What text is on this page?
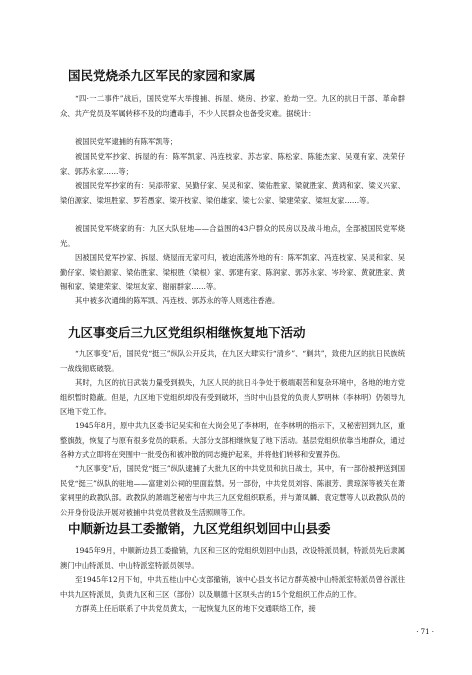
国民党烧杀九区军民的家园和家属

“四·一二事件”战后，国民党军大举搜捕、拆屋、烧房、抄家、抢劫一空。九区的抗日干部、革命群众、共产党员及军属转移不及的均遭毒手，不少人民群众也备受灾难。据统计：

被国民党军逮捕的有陈军凯等；

被国民党军抄家、拆屋的有：陈军凯家、冯连枝家、苏志家、陈松家、陈能杰家、吴观有家、冼荣仔家、郭苏永家……等；

被国民党军抄家的有：吴添带家、吴勤仔家、吴灵和家、梁佑胜家、梁就胜家、黄鸿和家、梁义兴家、梁伯源家、梁坦胜家、罗若愚家、梁开枝家、梁伯雄家、梁七公家、梁建荣家、梁垣友家……等。

被国民党军烧家的有：九区大队驻地——合益围的43户群众的民房以及战斗地点，全部被国民党军烧光。

因被国民党军抄家、拆屋、烧屋而无家可归，被迫流落外地的有：陈军凯家、冯连枝家、吴灵和家、吴勤仔家、梁伯源家、梁佑胜家、梁根胜（梁根）家、郭建有家、陈润家、郭苏永家、岑玲家、黄就胜家、黄锡和家、梁建荣家、梁垣友家、谢丽群家……等。

其中被多次通缉的陈军凯、冯连枝、郭苏永的等人则逃往香港。

九区事变后三九区党组织相继恢复地下活动

“九区事变”后，国民党“挺三”纵队公开反共，在九区大肆实行“清乡”、“剿共”，致使九区的抗日民族统一战线彻底破裂。

其时，九区的抗日武装力量受到损失，九区人民的抗日斗争处于极端艰苦和复杂环境中，各地的地方党组织暂时隐蔽。但是，九区地下党组织却没有受到破坏，当时中山县党的负责人罗明林（李林明）仍领导九区地下党工作。

1945年8月，原中共九区委书记吴实和在大岗会见了李林明，在李林明的指示下，又秘密回到九区，重整旗鼓，恢复了与原有很多党员的联系。大部分支部相继恢复了地下活动。基层党组织依靠当地群众，通过各种方式立即将在突围中一批受伤和被冲散的同志掩护起来，并将他们转移和安置养伤。

“九区事变”后，国民党“挺三”纵队逮捕了大批九区的中共党员和抗日战士，其中，有一部份被押送到国民党“挺三”纵队的驻地——富建刘公祠的里面监禁。另一部份，中共党员刘容、陈淑芳、黄琼深等被关在萧家祠里的政教队部。政教队的萧端芝秘密与中共三九区党组织联系，并与萧凤麟、袁定慧等人以政教队员的公开身份设法开展对被捕中共党员营救及生活照顾等工作。

中顺新边县工委撤销，九区党组织划回中山县委

1945年9月，中顺新边县工委撤销，九区和三区的党组织划回中山县，改设特派员制，特派员先后隶属澳门中山特派员、中山特派室特派员领导。

至1945年12月下旬，中共五桂山中心支部撤销，该中心县支书记方群英被中山特派室特派员曾谷派往中共九区特派员，负责九区和三区（部份）以及顺德十区坝头吉的15个党组织工作点的工作。

方群英上任后联系了中共党员黄太，一起恢复九区的地下交通联络工作，接

· 71 ·
